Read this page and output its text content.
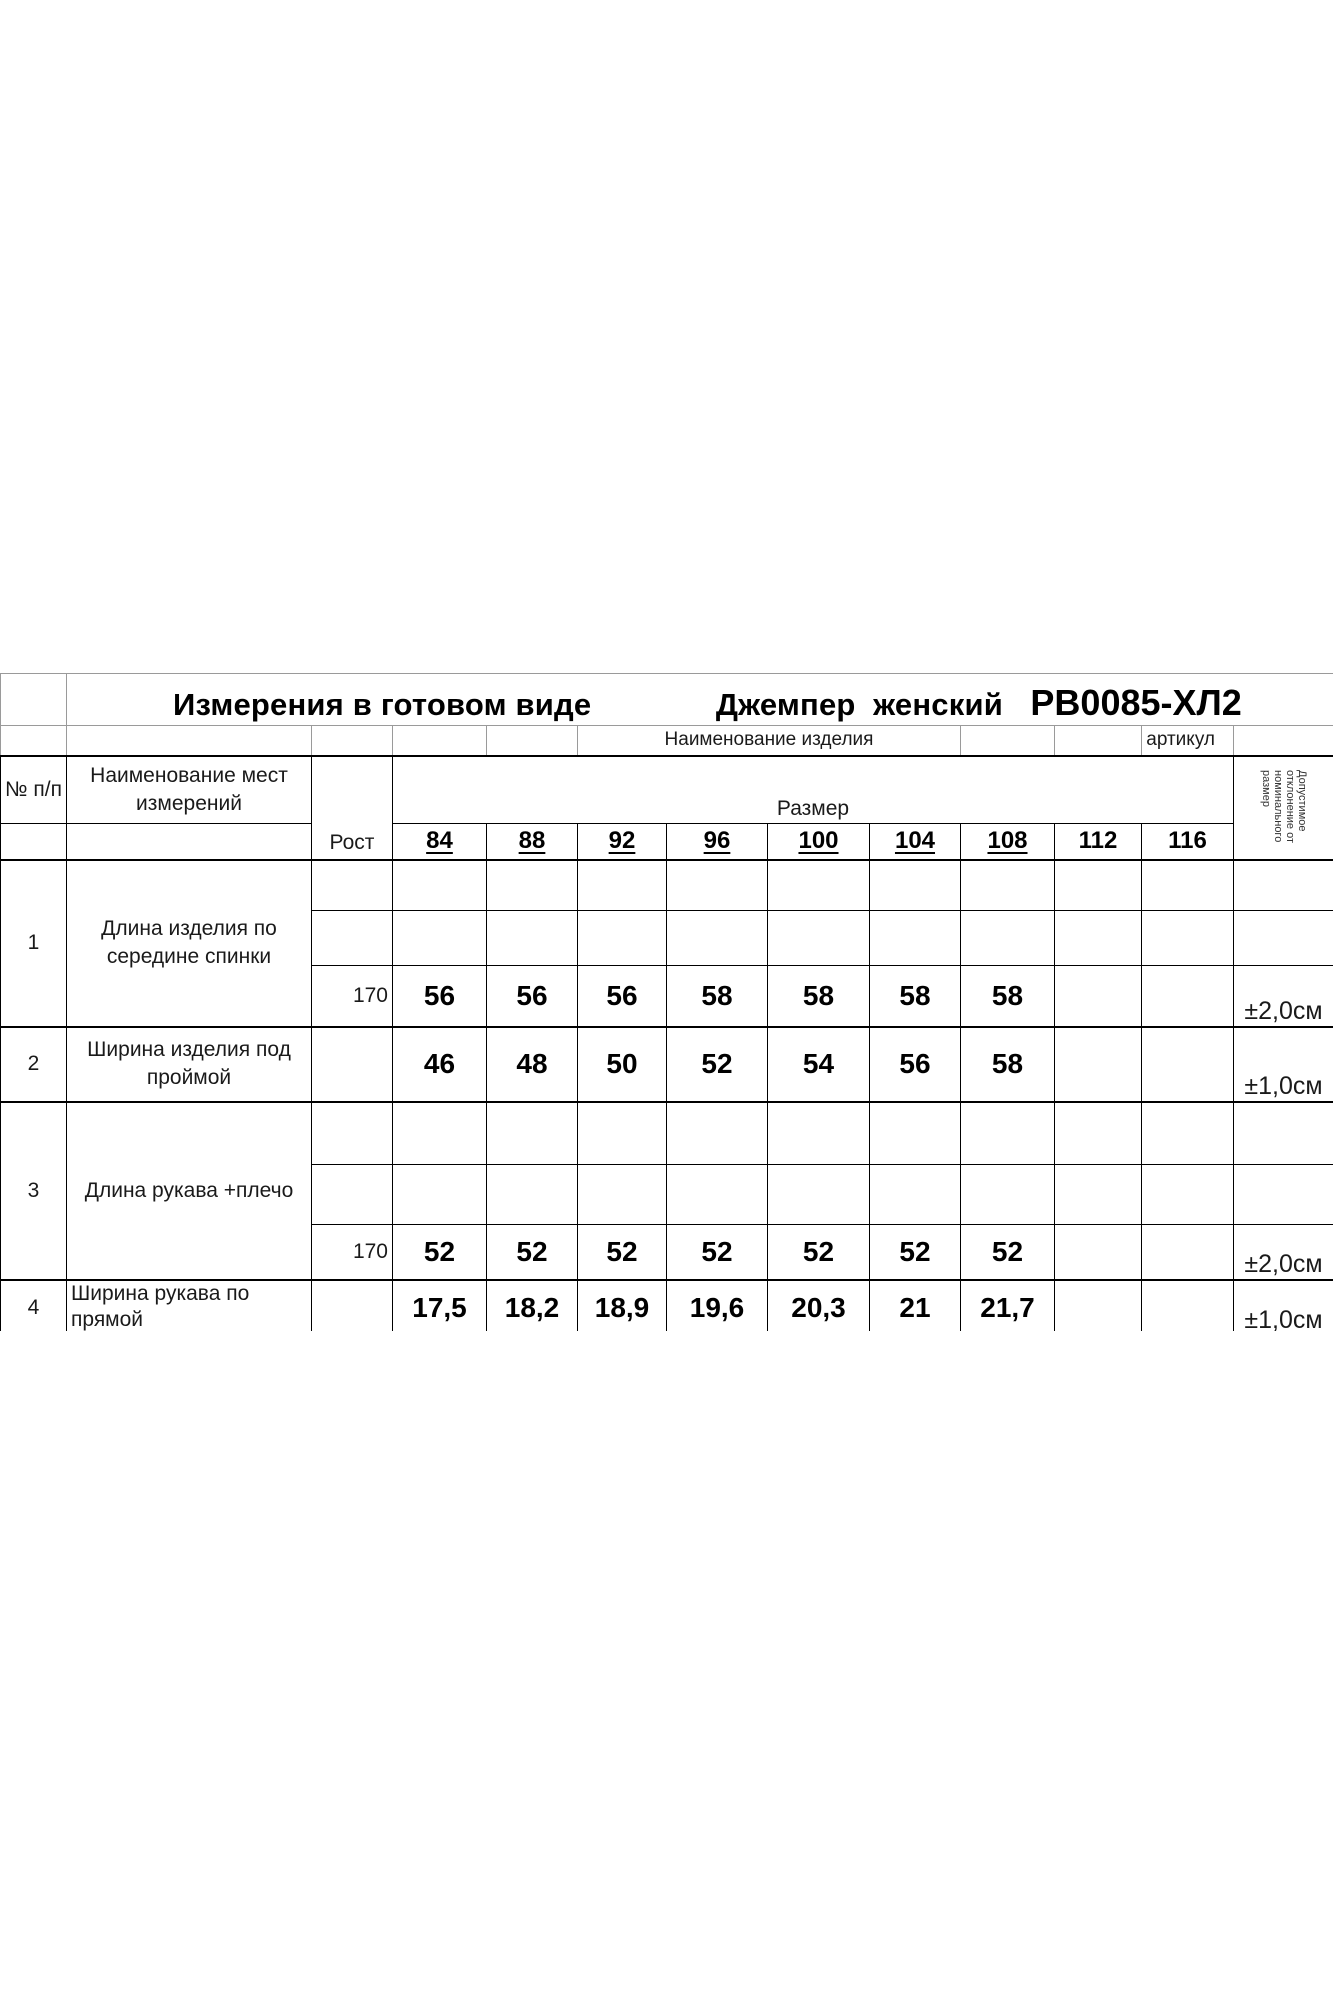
	Измерения в готовом виде Джемпер  женский РВ0085-ХЛ2											
					Наименование изделия						артикул	
№ п/п	Наименование мест измерений	Рост	Размер									Допустимое отклонение от номинального размер
			84	88	92	96	100	104	108	112	116	
1	Длина изделия по середине спинки											

		170	56	56	56	58	58	58	58			±2,0см
2	Ширина изделия под проймой		46	48	50	52	54	56	58			±1,0см
3	Длина рукава +плечо											

		170	52	52	52	52	52	52	52			±2,0см
4	Ширина рукава по прямой		17,5	18,2	18,9	19,6	20,3	21	21,7			±1,0см
